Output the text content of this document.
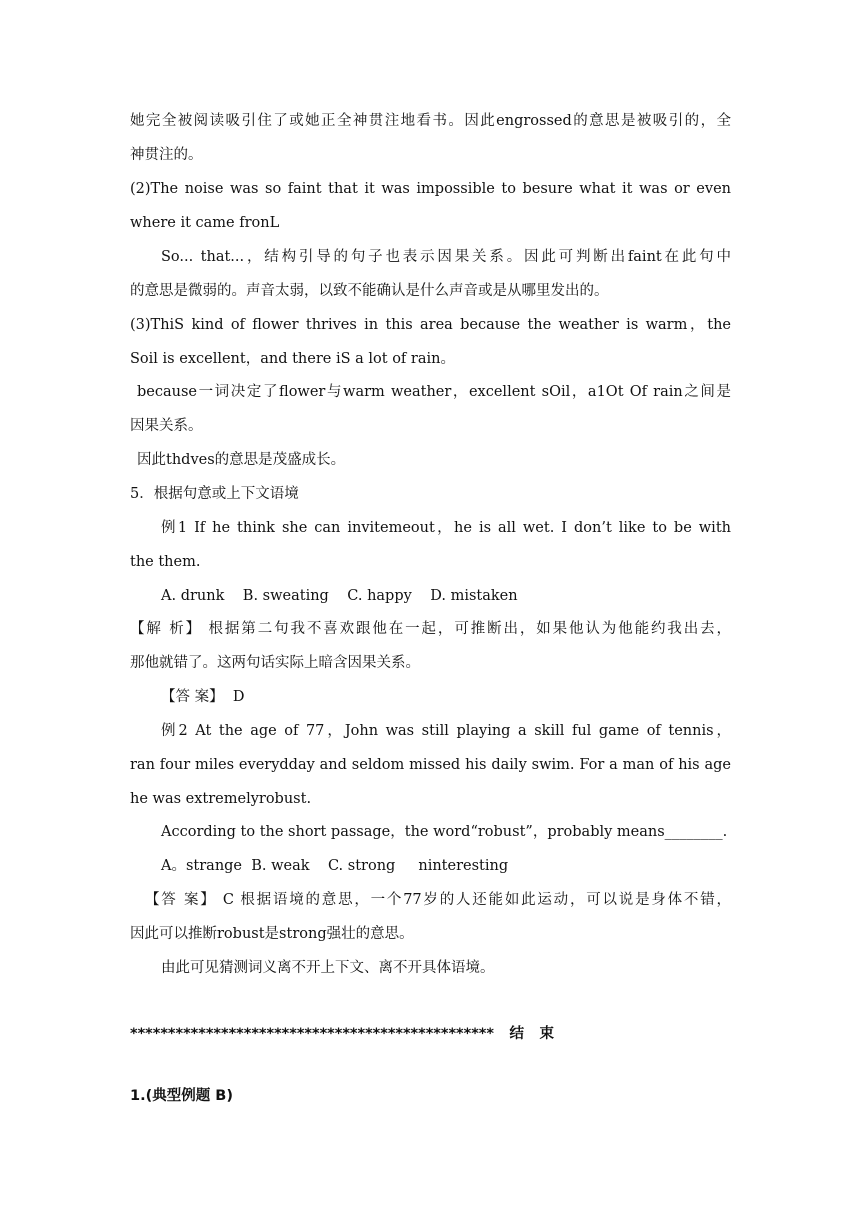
她完全被阅读吸引住了或她正全神贯注地看书。因此engrossed的意思是被吸引的，全
神贯注的。
(2)The noise was so faint that it was impossible to besure what it was or even
where it came fronL
So... that...，结构引导的句子也表示因果关系。因此可判断出faint在此句中
的意思是微弱的。声音太弱，以致不能确认是什么声音或是从哪里发出的。
(3)ThiS kind of flower thrives in this area because the weather is warm，the
Soil is excellent，and there iS a lot of rain。
because一词决定了flower与warm weather，excellent sOil，a1Ot Of rain之间是
因果关系。
因此thdves的意思是茂盛成长。
5．根据句意或上下文语境
例1 If he think she can invitemeout，he is all wet. I don’t like to be with
the them.
A. drunk    B. sweating    C. happy    D. mistaken
【解 析】 根据第二句我不喜欢跟他在一起，可推断出，如果他认为他能约我出去，
那他就错了。这两句话实际上暗含因果关系。
【答 案】  D
例2 At the age of 77，John was still playing a skill ful game of tennis，
ran four miles everydday and seldom missed his daily swim. For a man of his age
he was extremelyrobust.
According to the short passage，the word“robust”，probably means________.
A。strange  B. weak    C. strong     ninteresting
【答 案】 C 根据语境的意思，一个77岁的人还能如此运动，可以说是身体不错，
因此可以推断robust是strong强壮的意思。
由此可见猜测词义离不开上下文、离不开具体语境。
************************************************结束
1.(典型例题 B)
